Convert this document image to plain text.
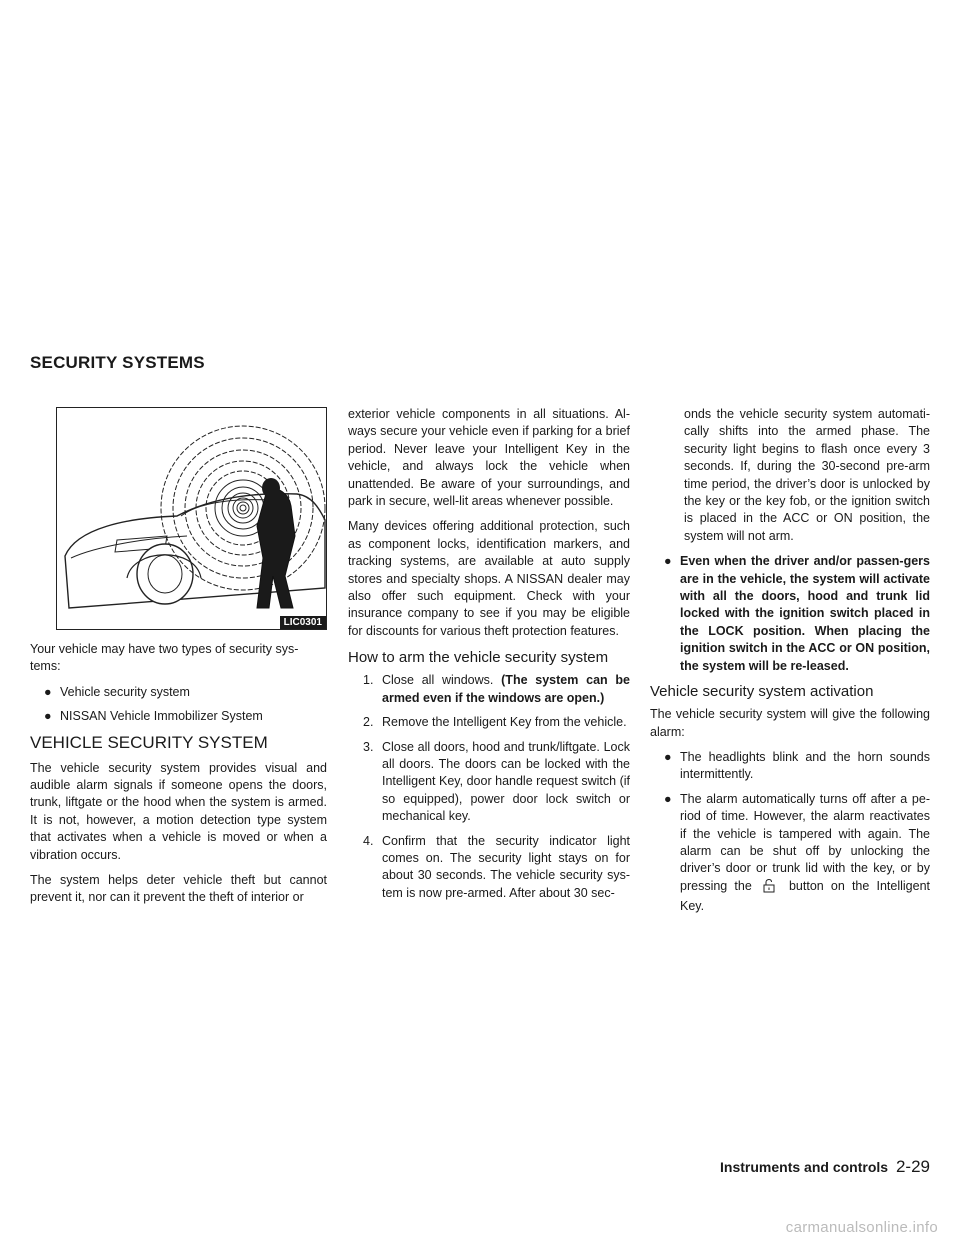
SECURITY SYSTEMS
LIC0301

Your vehicle may have two types of security sys-tems:

● Vehicle security system
● NISSAN Vehicle Immobilizer System
VEHICLE SECURITY SYSTEM

The vehicle security system provides visual and audible alarm signals if someone opens the doors, trunk, liftgate or the hood when the system is armed. It is not, however, a motion detection type system that activates when a vehicle is moved or when a vibration occurs.

The system helps deter vehicle theft but cannot prevent it, nor can it prevent the theft of interior or

exterior vehicle components in all situations. Al-ways secure your vehicle even if parking for a brief period. Never leave your Intelligent Key in the vehicle, and always lock the vehicle when unattended. Be aware of your surroundings, and park in secure, well-lit areas whenever possible.

Many devices offering additional protection, such as component locks, identification markers, and tracking systems, are available at auto supply stores and specialty shops. A NISSAN dealer may also offer such equipment. Check with your insurance company to see if you may be eligible for discounts for various theft protection features.

How to arm the vehicle security system
1. Close all windows. (The system can be armed even if the windows are open.)
2. Remove the Intelligent Key from the vehicle.
3. Close all doors, hood and trunk/liftgate. Lock all doors. The doors can be locked with the Intelligent Key, door handle request switch (if so equipped), power door lock switch or mechanical key.
4. Confirm that the security indicator light comes on. The security light stays on for about 30 seconds. The vehicle security sys-tem is now pre-armed. After about 30 sec-

onds the vehicle security system automati-cally shifts into the armed phase. The security light begins to flash once every 3 seconds. If, during the 30-second pre-arm time period, the driver’s door is unlocked by the key or the key fob, or the ignition switch is placed in the ACC or ON position, the system will not arm.

● Even when the driver and/or passen-gers are in the vehicle, the system will activate with all the doors, hood and trunk lid locked with the ignition switch placed in the LOCK position. When placing the ignition switch in the ACC or ON position, the system will be re-leased.
Vehicle security system activation

The vehicle security system will give the following alarm:

● The headlights blink and the horn sounds intermittently.
● The alarm automatically turns off after a pe-riod of time. However, the alarm reactivates if the vehicle is tampered with again. The alarm can be shut off by unlocking the driver’s door or trunk lid with the key, or by pressing the	button on the Intelligent Key.
Instruments and controls 2-29
carmanualsonline.info
